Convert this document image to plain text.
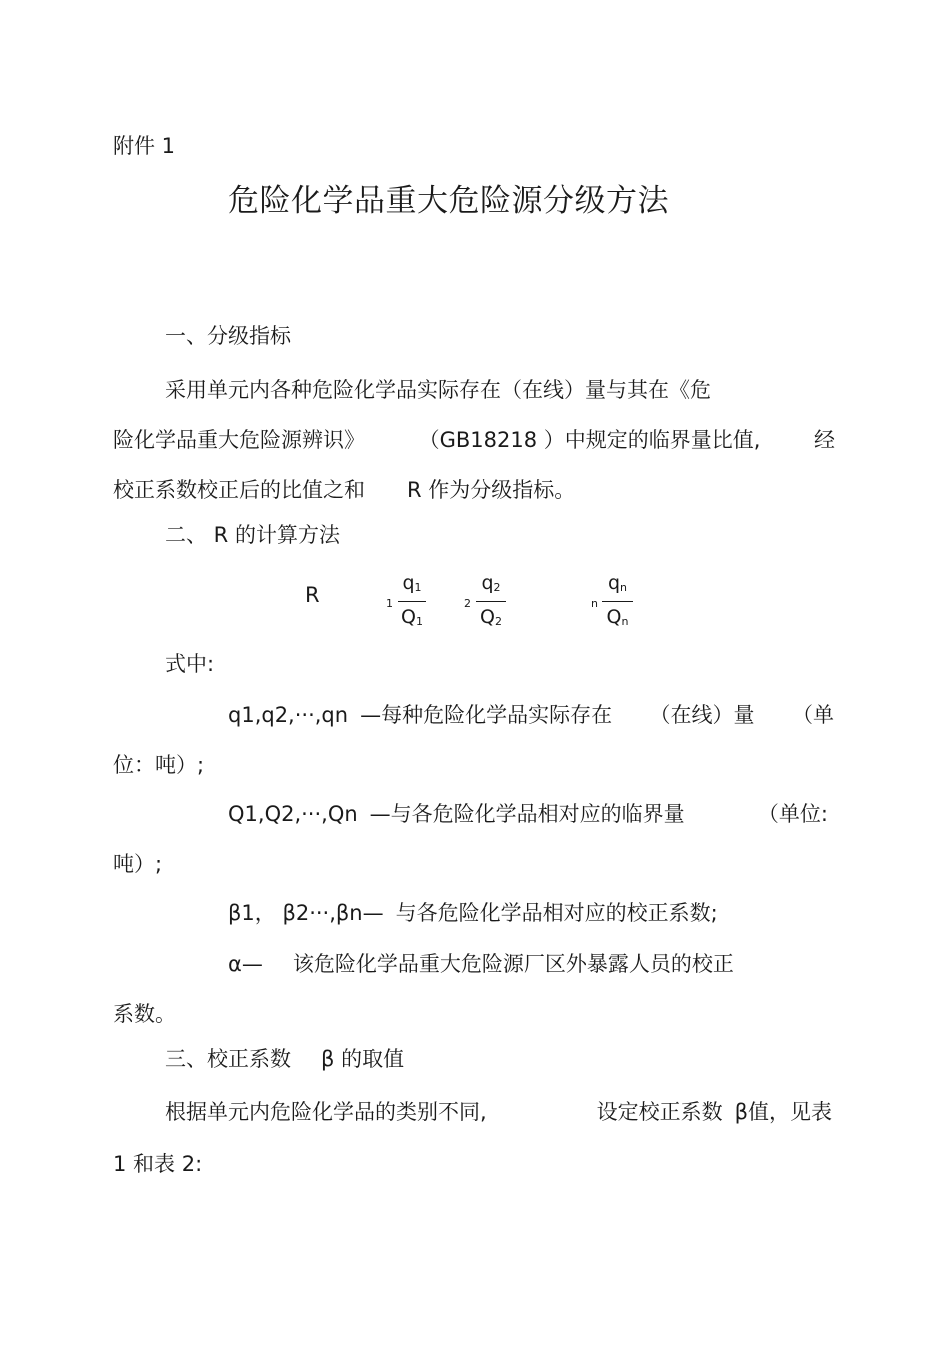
附件 1
危险化学品重大危险源分级方法
一、分级指标
采用单元内各种危险化学品实际存在（在线）量与其在《危
险化学品重大危险源辨识》	（GB18218 ）中规定的临界量比值,	经
校正系数校正后的比值之和 R 作为分级指标。
二、 R 的计算方法
R	1
$q_1$
$Q_1$
2
$q_2$
$Q_2$
n
$q_n$
$Q_n$
式中:
q1,q2,···,qn —每种危险化学品实际存在 （在线）量 （单
位：吨）;
Q1,Q2,···,Qn —与各危险化学品相对应的临界量	（单位:
吨）;
β1， β2···,βn— 与各危险化学品相对应的校正系数;
α— 该危险化学品重大危险源厂区外暴露人员的校正
系数。
三、校正系数 β 的取值
根据单元内危险化学品的类别不同,	设定校正系数 β值，见表
1 和表 2:
